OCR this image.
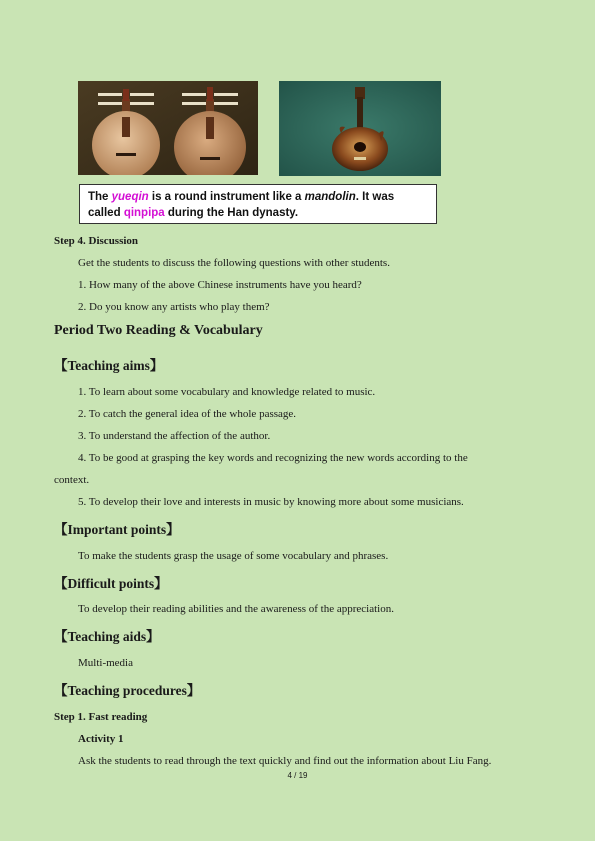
The yueqin is a round instrument like a mandolin. It was called qinpipa during the Han dynasty.
Step 4. Discussion
Get the students to discuss the following questions with other students.
1. How many of the above Chinese instruments have you heard?
2. Do you know any artists who play them?
Period Two Reading & Vocabulary
【Teaching aims】
1. To learn about some vocabulary and knowledge related to music.
2. To catch the general idea of the whole passage.
3. To understand the affection of the author.
4. To be good at grasping the key words and recognizing the new words according to the
context.
5. To develop their love and interests in music by knowing more about some musicians.
【Important points】
To make the students grasp the usage of some vocabulary and phrases.
【Difficult points】
To develop their reading abilities and the awareness of the appreciation.
【Teaching aids】
Multi-media
【Teaching procedures】
Step 1. Fast reading
Activity 1
Ask the students to read through the text quickly and find out the information about Liu Fang.
4 / 19
